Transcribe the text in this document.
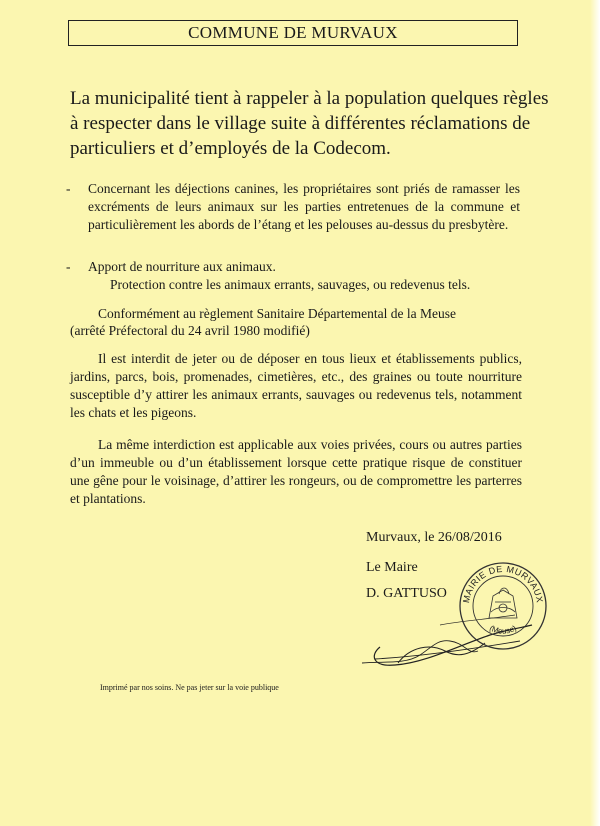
COMMUNE DE MURVAUX
La municipalité tient à rappeler à la population quelques règles à respecter dans le village suite à différentes réclamations de particuliers et d’employés de la Codecom.
- Concernant les déjections canines, les propriétaires sont priés de ramasser les excréments de leurs animaux sur les parties entretenues de la commune et particulièrement les abords de l’étang et les pelouses au-dessus du presbytère.
- Apport de nourriture aux animaux.
Protection contre les animaux errants, sauvages, ou redevenus tels.
Conformément au règlement Sanitaire Départemental de la Meuse
(arrêté Préfectoral du 24 avril 1980 modifié)
Il est interdit de jeter ou de déposer en tous lieux et établissements publics, jardins, parcs, bois, promenades, cimetières, etc., des graines ou toute nourriture susceptible d’y attirer les animaux errants, sauvages ou redevenus tels, notamment les chats et les pigeons.
La même interdiction est applicable aux voies privées, cours ou autres parties d’un immeuble ou d’un établissement lorsque cette pratique risque de constituer une gêne pour le voisinage, d’attirer les rongeurs, ou de compromettre les parterres et plantations.
Murvaux, le 26/08/2016
Le Maire
D. GATTUSO MAIRIE DE MURVAUX
(Meuse)
Imprimé par nos soins. Ne pas jeter sur la voie publique
